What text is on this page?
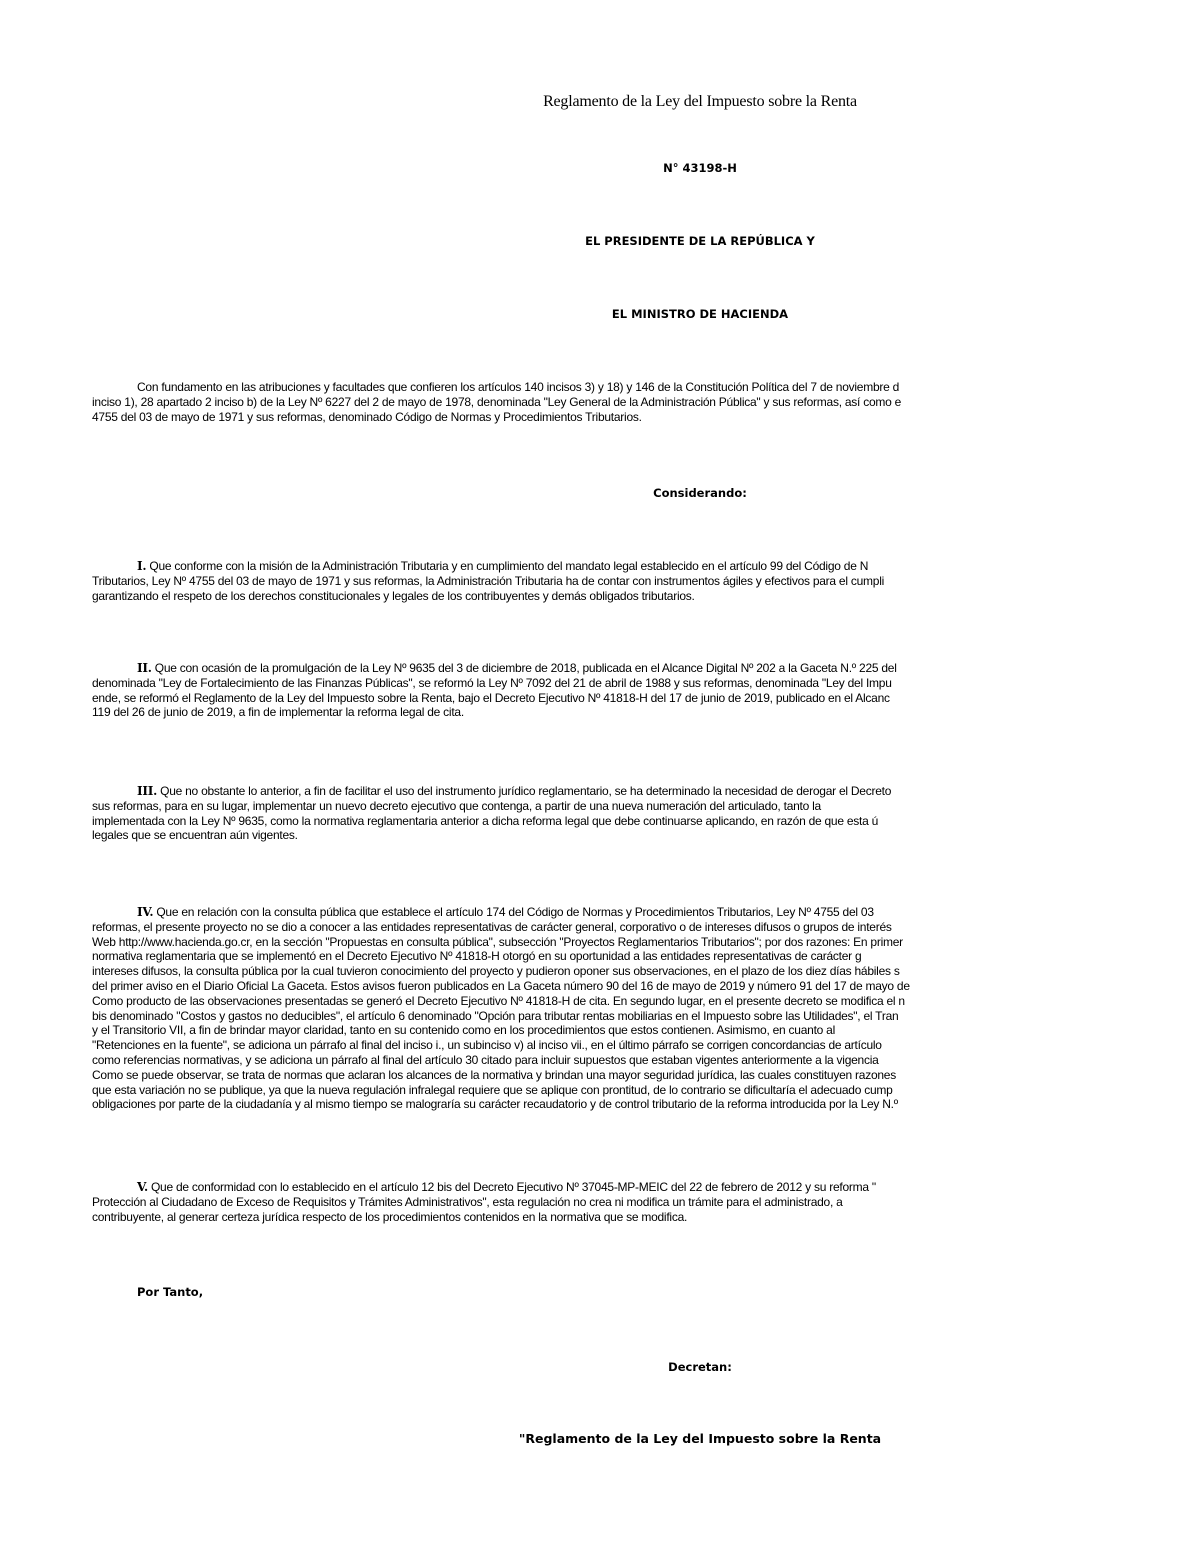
Reglamento de la Ley del Impuesto sobre la Renta
N° 43198-H
EL PRESIDENTE DE LA REPÚBLICA Y
EL MINISTRO DE HACIENDA
Con fundamento en las atribuciones y facultades que confieren los artículos 140 incisos 3) y 18) y 146 de la Constitución Política del 7 de noviembre d
inciso 1), 28 apartado 2 inciso b) de la Ley Nº 6227 del 2 de mayo de 1978, denominada "Ley General de la Administración Pública" y sus reformas, así como e
4755 del 03 de mayo de 1971 y sus reformas, denominado Código de Normas y Procedimientos Tributarios.
Considerando:
I. Que conforme con la misión de la Administración Tributaria y en cumplimiento del mandato legal establecido en el artículo 99 del Código de N
Tributarios, Ley Nº 4755 del 03 de mayo de 1971 y sus reformas, la Administración Tributaria ha de contar con instrumentos ágiles y efectivos para el cumpli
garantizando el respeto de los derechos constitucionales y legales de los contribuyentes y demás obligados tributarios.
II. Que con ocasión de la promulgación de la Ley Nº 9635 del 3 de diciembre de 2018, publicada en el Alcance Digital Nº 202 a la Gaceta N.º 225 del
denominada "Ley de Fortalecimiento de las Finanzas Públicas", se reformó la Ley Nº 7092 del 21 de abril de 1988 y sus reformas, denominada "Ley del Impu
ende, se reformó el Reglamento de la Ley del Impuesto sobre la Renta, bajo el Decreto Ejecutivo Nº 41818-H del 17 de junio de 2019, publicado en el Alcanc
119 del 26 de junio de 2019, a fin de implementar la reforma legal de cita.
III. Que no obstante lo anterior, a fin de facilitar el uso del instrumento jurídico reglamentario, se ha determinado la necesidad de derogar el Decreto
sus reformas, para en su lugar, implementar un nuevo decreto ejecutivo que contenga, a partir de una nueva numeración del articulado, tanto la
implementada con la Ley Nº 9635, como la normativa reglamentaria anterior a dicha reforma legal que debe continuarse aplicando, en razón de que esta ú
legales que se encuentran aún vigentes.
IV. Que en relación con la consulta pública que establece el artículo 174 del Código de Normas y Procedimientos Tributarios, Ley Nº 4755 del 03
reformas, el presente proyecto no se dio a conocer a las entidades representativas de carácter general, corporativo o de intereses difusos o grupos de interés
Web http://www.hacienda.go.cr, en la sección "Propuestas en consulta pública", subsección "Proyectos Reglamentarios Tributarios"; por dos razones: En primer
normativa reglamentaria que se implementó en el Decreto Ejecutivo Nº 41818-H otorgó en su oportunidad a las entidades representativas de carácter g
intereses difusos, la consulta pública por la cual tuvieron conocimiento del proyecto y pudieron oponer sus observaciones, en el plazo de los diez días hábiles s
del primer aviso en el Diario Oficial La Gaceta. Estos avisos fueron publicados en La Gaceta número 90 del 16 de mayo de 2019 y número 91 del 17 de mayo de
Como producto de las observaciones presentadas se generó el Decreto Ejecutivo Nº 41818-H de cita. En segundo lugar, en el presente decreto se modifica el n
bis denominado "Costos y gastos no deducibles", el artículo 6 denominado "Opción para tributar rentas mobiliarias en el Impuesto sobre las Utilidades", el Tran
y el Transitorio VII, a fin de brindar mayor claridad, tanto en su contenido como en los procedimientos que estos contienen. Asimismo, en cuanto al
"Retenciones en la fuente", se adiciona un párrafo al final del inciso i., un subinciso v) al inciso vii., en el último párrafo se corrigen concordancias de artículo
como referencias normativas, y se adiciona un párrafo al final del artículo 30 citado para incluir supuestos que estaban vigentes anteriormente a la vigencia
Como se puede observar, se trata de normas que aclaran los alcances de la normativa y brindan una mayor seguridad jurídica, las cuales constituyen razones
que esta variación no se publique, ya que la nueva regulación infralegal requiere que se aplique con prontitud, de lo contrario se dificultaría el adecuado cump
obligaciones por parte de la ciudadanía y al mismo tiempo se malograría su carácter recaudatorio y de control tributario de la reforma introducida por la Ley N.º
V. Que de conformidad con lo establecido en el artículo 12 bis del Decreto Ejecutivo Nº 37045-MP-MEIC del 22 de febrero de 2012 y su reforma "
Protección al Ciudadano de Exceso de Requisitos y Trámites Administrativos", esta regulación no crea ni modifica un trámite para el administrado, a
contribuyente, al generar certeza jurídica respecto de los procedimientos contenidos en la normativa que se modifica.
Por Tanto,
Decretan:
"Reglamento de la Ley del Impuesto sobre la Renta
